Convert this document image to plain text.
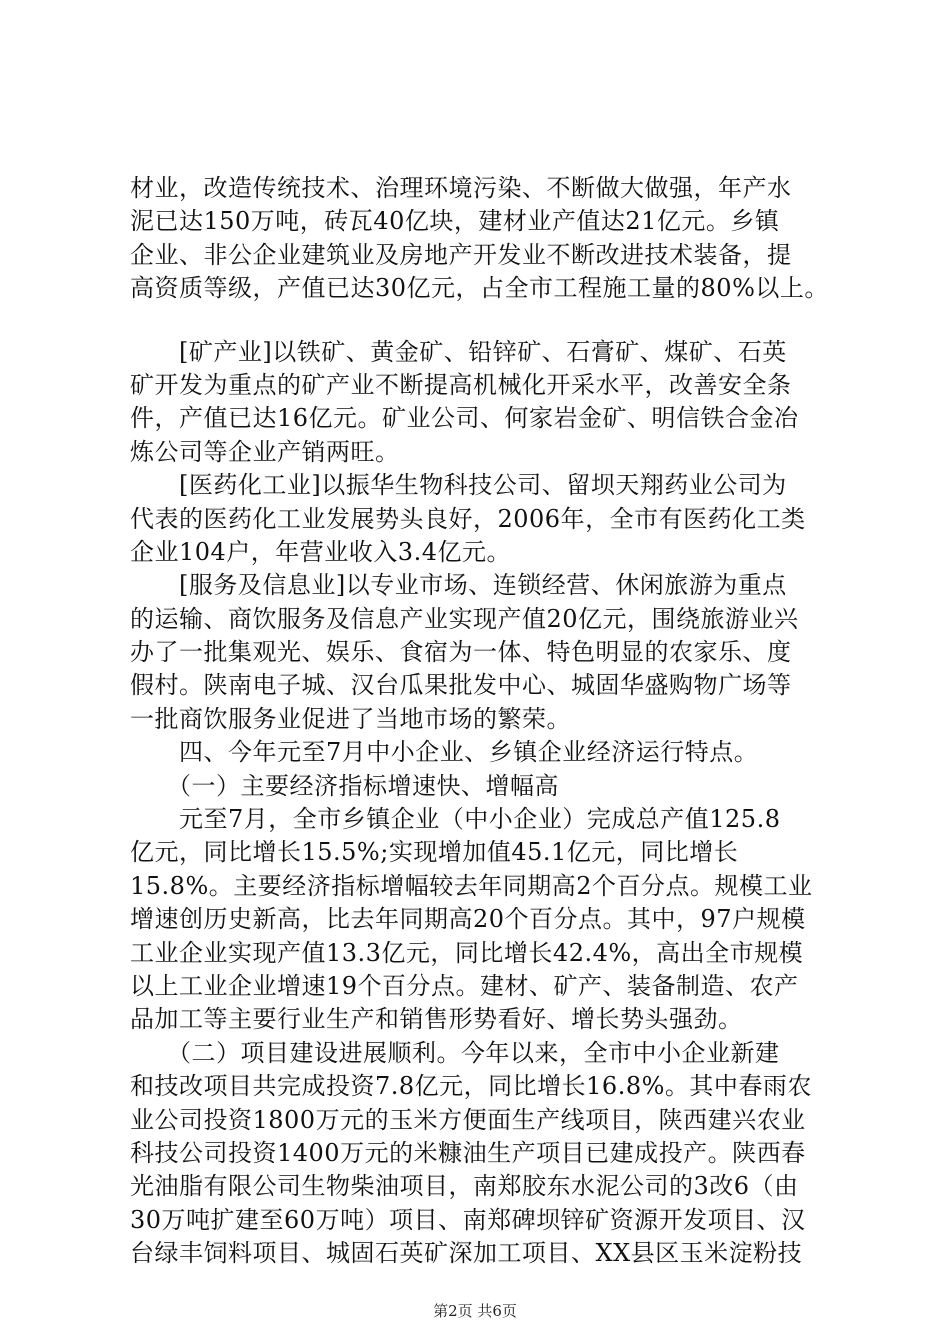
材业，改造传统技术、治理环境污染、不断做大做强，年产水
泥已达150万吨，砖瓦40亿块，建材业产值达21亿元。乡镇
企业、非公企业建筑业及房地产开发业不断改进技术装备，提
高资质等级，产值已达30亿元，占全市工程施工量的80%以上。
　　[矿产业]以铁矿、黄金矿、铅锌矿、石膏矿、煤矿、石英
矿开发为重点的矿产业不断提高机械化开采水平，改善安全条
件，产值已达16亿元。矿业公司、何家岩金矿、明信铁合金冶
炼公司等企业产销两旺。
　　[医药化工业]以振华生物科技公司、留坝天翔药业公司为
代表的医药化工业发展势头良好，2006年，全市有医药化工类
企业104户，年营业收入3.4亿元。
　　[服务及信息业]以专业市场、连锁经营、休闲旅游为重点
的运输、商饮服务及信息产业实现产值20亿元，围绕旅游业兴
办了一批集观光、娱乐、食宿为一体、特色明显的农家乐、度
假村。陕南电子城、汉台瓜果批发中心、城固华盛购物广场等
一批商饮服务业促进了当地市场的繁荣。
　　四、今年元至7月中小企业、乡镇企业经济运行特点。
　　（一）主要经济指标增速快、增幅高
　　元至7月，全市乡镇企业（中小企业）完成总产值125.8
亿元，同比增长15.5%;实现增加值45.1亿元，同比增长
15.8%。主要经济指标增幅较去年同期高2个百分点。规模工业
增速创历史新高，比去年同期高20个百分点。其中，97户规模
工业企业实现产值13.3亿元，同比增长42.4%，高出全市规模
以上工业企业增速19个百分点。建材、矿产、装备制造、农产
品加工等主要行业生产和销售形势看好、增长势头强劲。
　　（二）项目建设进展顺利。今年以来，全市中小企业新建
和技改项目共完成投资7.8亿元，同比增长16.8%。其中春雨农
业公司投资1800万元的玉米方便面生产线项目，陕西建兴农业
科技公司投资1400万元的米糠油生产项目已建成投产。陕西春
光油脂有限公司生物柴油项目，南郑胶东水泥公司的3改6（由
30万吨扩建至60万吨）项目、南郑碑坝锌矿资源开发项目、汉
台绿丰饲料项目、城固石英矿深加工项目、XX县区玉米淀粉技
第2页 共6页
